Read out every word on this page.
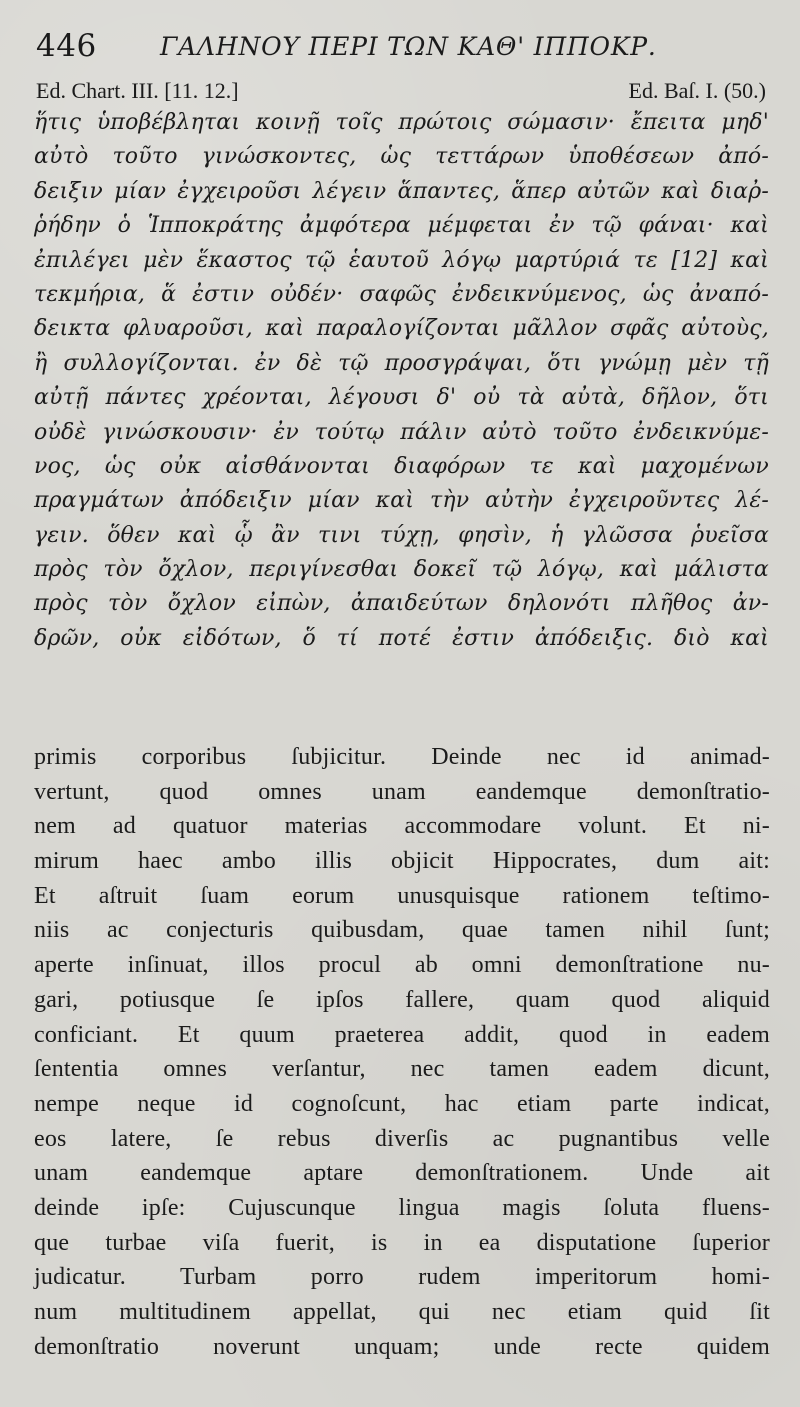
446	ΓΑΛΗΝΟΥ ΠΕΡΙ ΤΩΝ ΚΑΘ' ΙΠΠΟΚΡ.
Ed. Chart. III. [11. 12.]	Ed. Baſ. I. (50.)
ἥτις ὑποβέβληται κοινῇ τοῖς πρώτοις σώμασιν· ἔπειτα μηδ'
αὐτὸ τοῦτο γινώσκοντες, ὡς τεττάρων ὑποθέσεων ἀπό-
δειξιν μίαν ἐγχειροῦσι λέγειν ἅπαντες, ἅπερ αὐτῶν καὶ διαῤ-
ῥήδην ὁ Ἱπποκράτης ἀμφότερα μέμφεται ἐν τῷ φάναι· καὶ
ἐπιλέγει μὲν ἕκαστος τῷ ἑαυτοῦ λόγῳ μαρτύριά τε [12] καὶ
τεκμήρια, ἅ ἐστιν οὐδέν· σαφῶς ἐνδεικνύμενος, ὡς ἀναπό-
δεικτα φλυαροῦσι, καὶ παραλογίζονται μᾶλλον σφᾶς αὐτοὺς,
ἢ συλλογίζονται. ἐν δὲ τῷ προσγράψαι, ὅτι γνώμῃ μὲν τῇ
αὐτῇ πάντες χρέονται, λέγουσι δ' οὐ τὰ αὐτὰ, δῆλον, ὅτι
οὐδὲ γινώσκουσιν· ἐν τούτῳ πάλιν αὐτὸ τοῦτο ἐνδεικνύμε-
νος, ὡς οὐκ αἰσθάνονται διαφόρων τε καὶ μαχομένων
πραγμάτων ἀπόδειξιν μίαν καὶ τὴν αὐτὴν ἐγχειροῦντες λέ-
γειν. ὅθεν καὶ ᾧ ἂν τινι τύχῃ, φησὶν, ἡ γλῶσσα ῥυεῖσα
πρὸς τὸν ὄχλον, περιγίνεσθαι δοκεῖ τῷ λόγῳ, καὶ μάλιστα
πρὸς τὸν ὄχλον εἰπὼν, ἀπαιδεύτων δηλονότι πλῆθος ἀν-
δρῶν, οὐκ εἰδότων, ὅ τί ποτέ ἐστιν ἀπόδειξις. διὸ καὶ
primis corporibus ſubjicitur. Deinde nec id animad-
vertunt, quod omnes unam eandemque demonſtratio-
nem ad quatuor materias accommodare volunt. Et ni-
mirum haec ambo illis objicit Hippocrates, dum ait:
Et aſtruit ſuam eorum unusquisque rationem teſtimo-
niis ac conjecturis quibusdam, quae tamen nihil ſunt;
aperte inſinuat, illos procul ab omni demonſtratione nu-
gari, potiusque ſe ipſos fallere, quam quod aliquid
conficiant. Et quum praeterea addit, quod in eadem
ſententia omnes verſantur, nec tamen eadem dicunt,
nempe neque id cognoſcunt, hac etiam parte indicat,
eos latere, ſe rebus diverſis ac pugnantibus velle
unam eandemque aptare demonſtrationem. Unde ait
deinde ipſe: Cujuscunque lingua magis ſoluta fluens-
que turbae viſa fuerit, is in ea disputatione ſuperior
judicatur. Turbam porro rudem imperitorum homi-
num multitudinem appellat, qui nec etiam quid ſit
demonſtratio noverunt unquam; unde recte quidem
